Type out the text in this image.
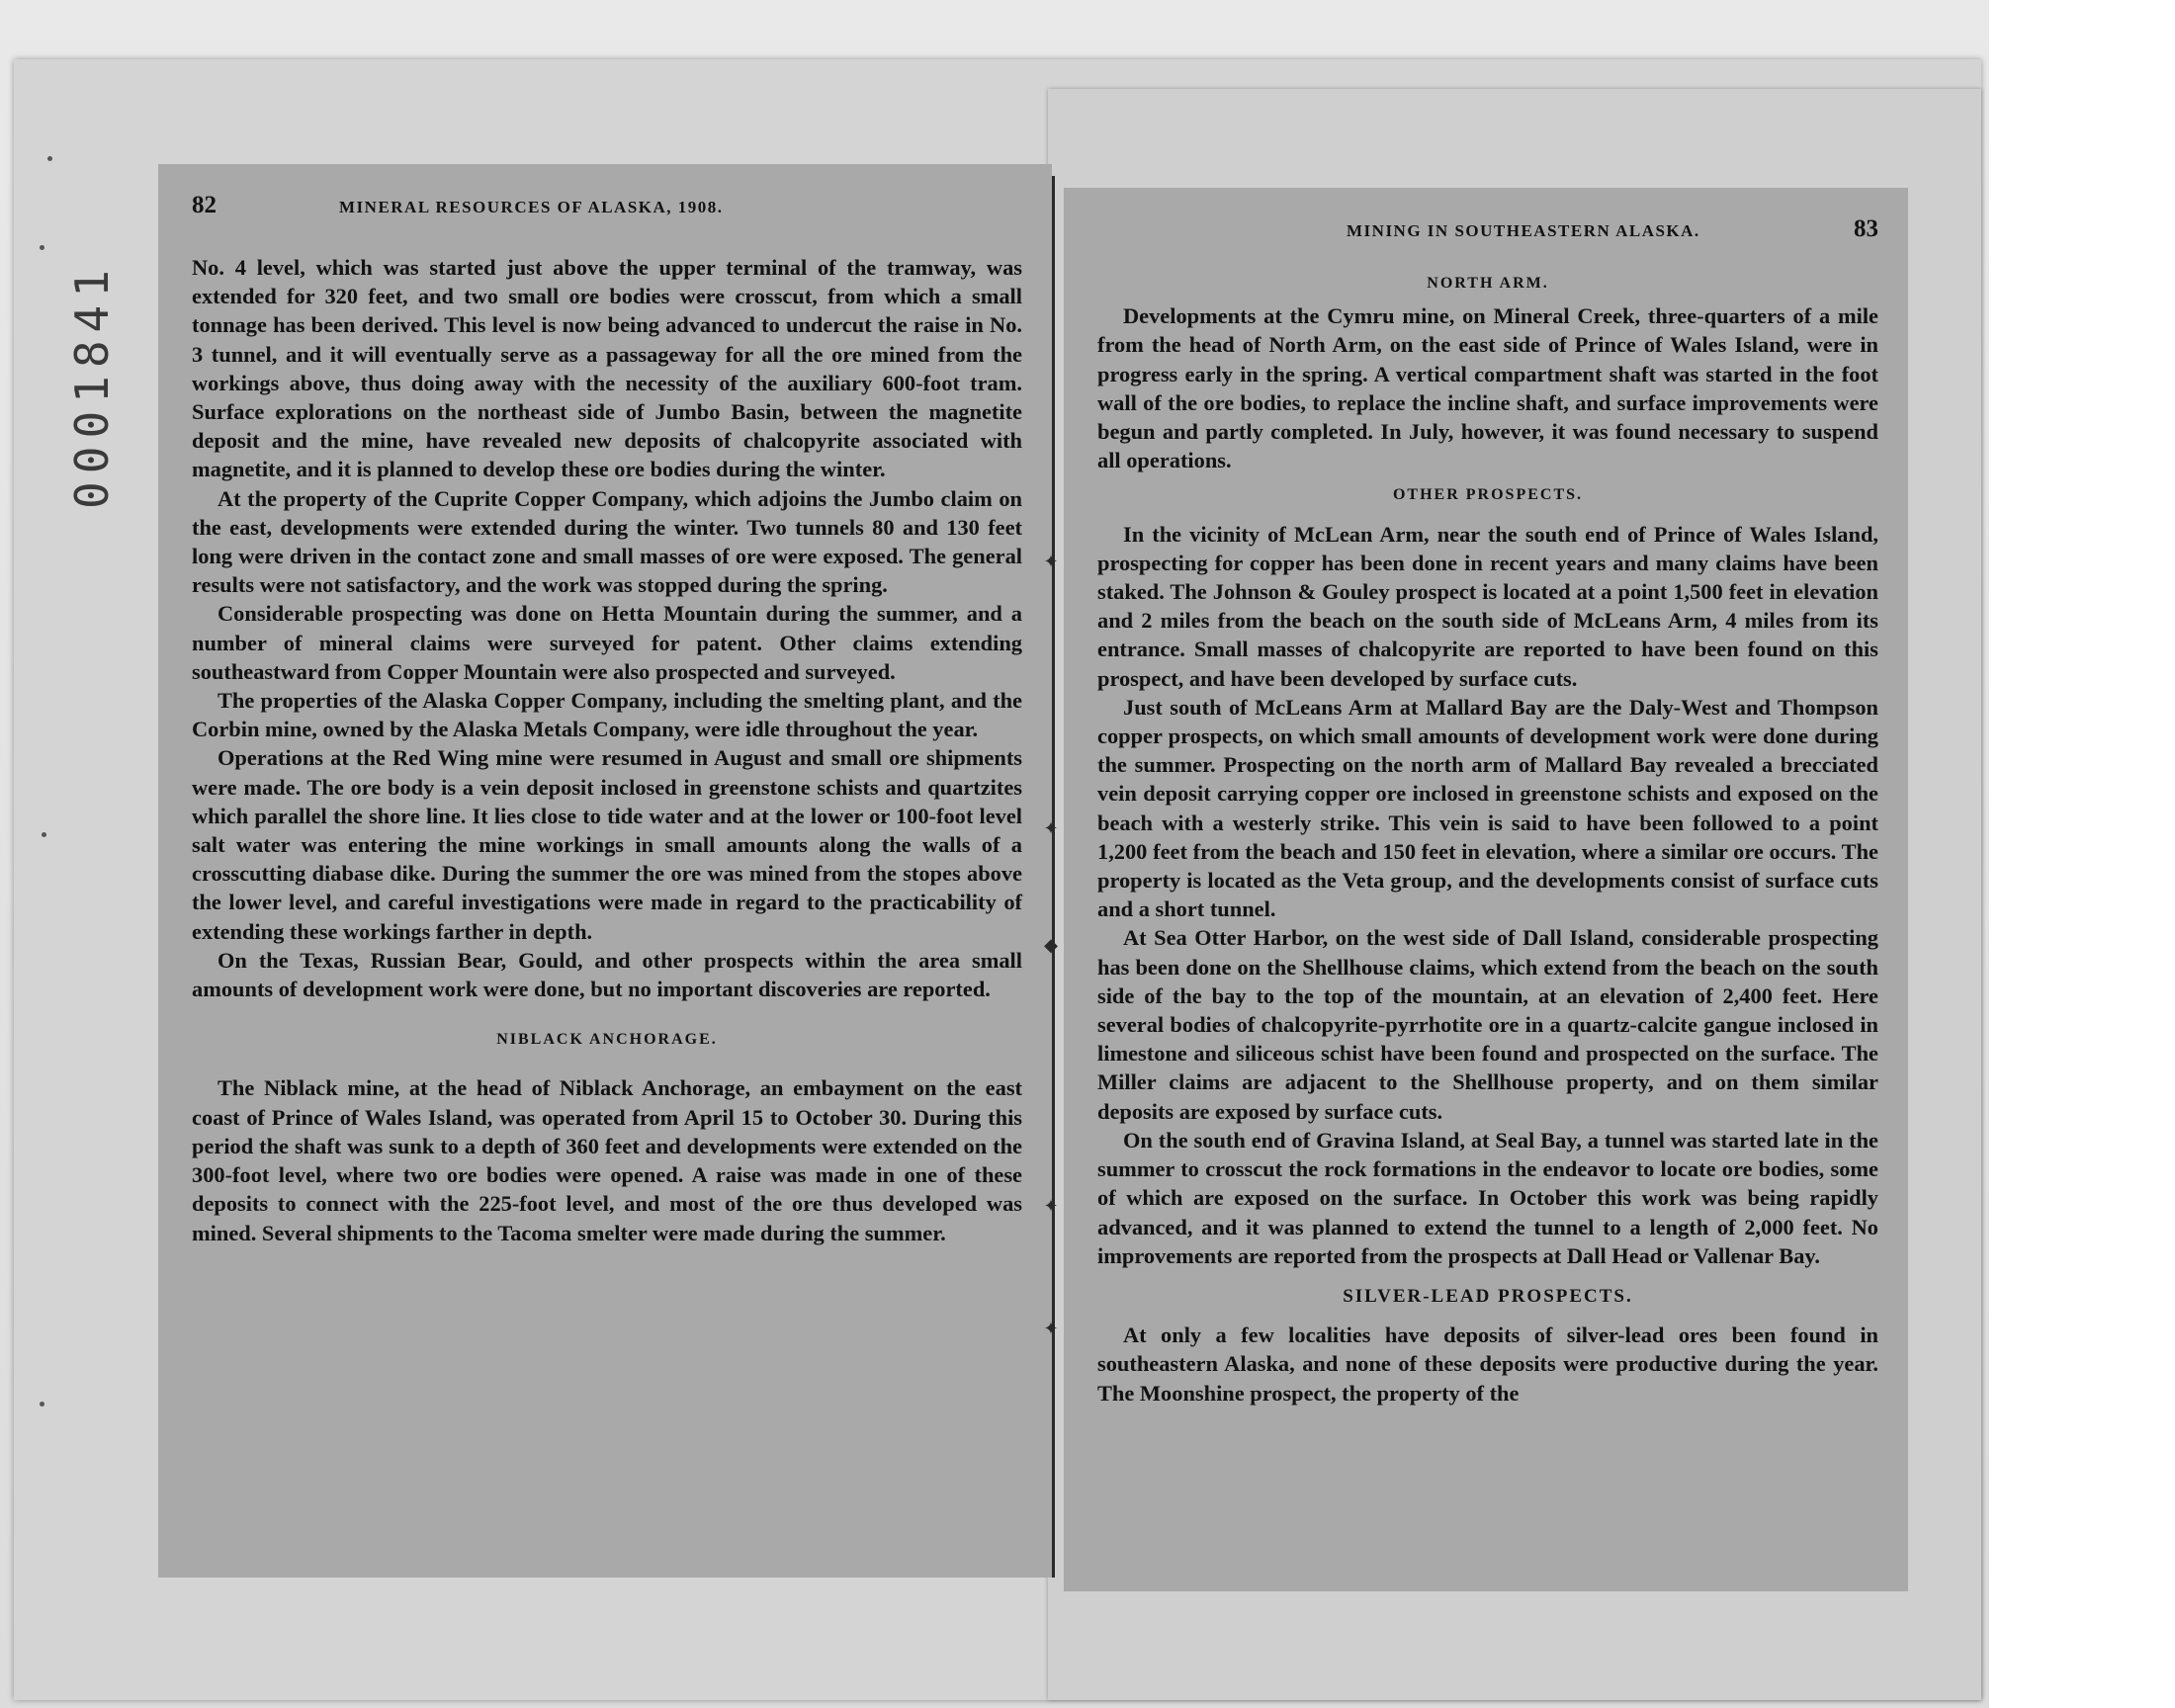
0001841
82	MINERAL RESOURCES OF ALASKA, 1908.

No. 4 level, which was started just above the upper terminal of the tramway, was extended for 320 feet, and two small ore bodies were crosscut, from which a small tonnage has been derived. This level is now being advanced to undercut the raise in No. 3 tunnel, and it will eventually serve as a passageway for all the ore mined from the workings above, thus doing away with the necessity of the auxiliary 600-foot tram. Surface explorations on the northeast side of Jumbo Basin, between the magnetite deposit and the mine, have revealed new deposits of chalcopyrite associated with magnetite, and it is planned to develop these ore bodies during the winter.

At the property of the Cuprite Copper Company, which adjoins the Jumbo claim on the east, developments were extended during the winter. Two tunnels 80 and 130 feet long were driven in the contact zone and small masses of ore were exposed. The general results were not satisfactory, and the work was stopped during the spring.

Considerable prospecting was done on Hetta Mountain during the summer, and a number of mineral claims were surveyed for patent. Other claims extending southeastward from Copper Mountain were also prospected and surveyed.

The properties of the Alaska Copper Company, including the smelting plant, and the Corbin mine, owned by the Alaska Metals Company, were idle throughout the year.

Operations at the Red Wing mine were resumed in August and small ore shipments were made. The ore body is a vein deposit inclosed in greenstone schists and quartzites which parallel the shore line. It lies close to tide water and at the lower or 100-foot level salt water was entering the mine workings in small amounts along the walls of a crosscutting diabase dike. During the summer the ore was mined from the stopes above the lower level, and careful investigations were made in regard to the practicability of extending these workings farther in depth.

On the Texas, Russian Bear, Gould, and other prospects within the area small amounts of development work were done, but no important discoveries are reported.

NIBLACK ANCHORAGE.

The Niblack mine, at the head of Niblack Anchorage, an embayment on the east coast of Prince of Wales Island, was operated from April 15 to October 30. During this period the shaft was sunk to a depth of 360 feet and developments were extended on the 300-foot level, where two ore bodies were opened. A raise was made in one of these deposits to connect with the 225-foot level, and most of the ore thus developed was mined. Several shipments to the Tacoma smelter were made during the summer.

✦
✦
◆
✦
✦
MINING IN SOUTHEASTERN ALASKA.	83
NORTH ARM.

Developments at the Cymru mine, on Mineral Creek, three-quarters of a mile from the head of North Arm, on the east side of Prince of Wales Island, were in progress early in the spring. A vertical compartment shaft was started in the foot wall of the ore bodies, to replace the incline shaft, and surface improvements were begun and partly completed. In July, however, it was found necessary to suspend all operations.

OTHER PROSPECTS.

In the vicinity of McLean Arm, near the south end of Prince of Wales Island, prospecting for copper has been done in recent years and many claims have been staked. The Johnson & Gouley prospect is located at a point 1,500 feet in elevation and 2 miles from the beach on the south side of McLeans Arm, 4 miles from its entrance. Small masses of chalcopyrite are reported to have been found on this prospect, and have been developed by surface cuts.

Just south of McLeans Arm at Mallard Bay are the Daly-West and Thompson copper prospects, on which small amounts of development work were done during the summer. Prospecting on the north arm of Mallard Bay revealed a brecciated vein deposit carrying copper ore inclosed in greenstone schists and exposed on the beach with a westerly strike. This vein is said to have been followed to a point 1,200 feet from the beach and 150 feet in elevation, where a similar ore occurs. The property is located as the Veta group, and the developments consist of surface cuts and a short tunnel.

At Sea Otter Harbor, on the west side of Dall Island, considerable prospecting has been done on the Shellhouse claims, which extend from the beach on the south side of the bay to the top of the mountain, at an elevation of 2,400 feet. Here several bodies of chalcopyrite-pyrrhotite ore in a quartz-calcite gangue inclosed in limestone and siliceous schist have been found and prospected on the surface. The Miller claims are adjacent to the Shellhouse property, and on them similar deposits are exposed by surface cuts.

On the south end of Gravina Island, at Seal Bay, a tunnel was started late in the summer to crosscut the rock formations in the endeavor to locate ore bodies, some of which are exposed on the surface. In October this work was being rapidly advanced, and it was planned to extend the tunnel to a length of 2,000 feet. No improvements are reported from the prospects at Dall Head or Vallenar Bay.

SILVER-LEAD PROSPECTS.

At only a few localities have deposits of silver-lead ores been found in southeastern Alaska, and none of these deposits were productive during the year. The Moonshine prospect, the property of the
